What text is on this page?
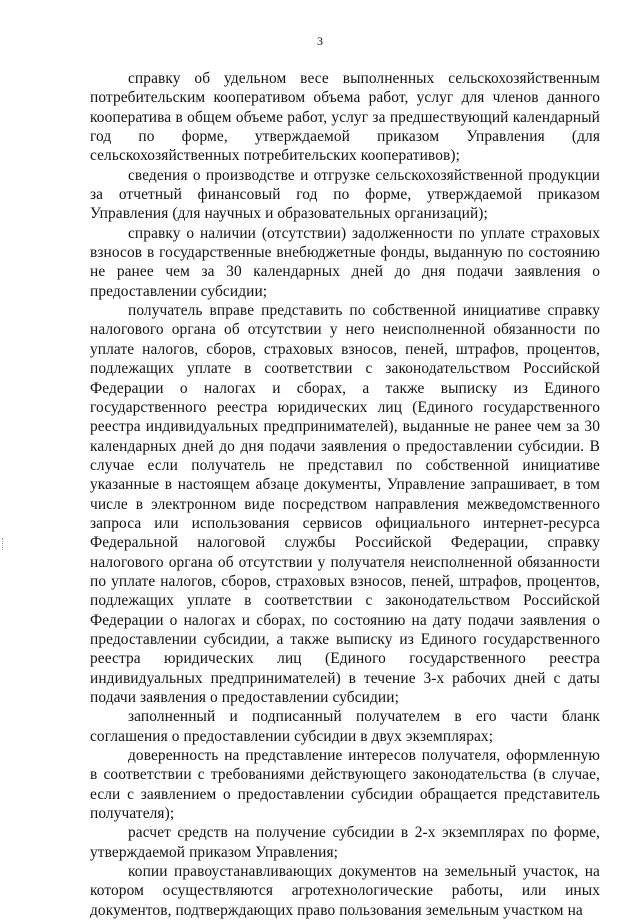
3

справку об удельном весе выполненных сельскохозяйственным потребительским кооперативом объема работ, услуг для членов данного кооператива в общем объеме работ, услуг за предшествующий календарный год по форме, утверждаемой приказом Управления (для сельскохозяйственных потребительских кооперативов);

сведения о производстве и отгрузке сельскохозяйственной продукции за отчетный финансовый год по форме, утверждаемой приказом Управления (для научных и образовательных организаций);

справку о наличии (отсутствии) задолженности по уплате страховых взносов в государственные внебюджетные фонды, выданную по состоянию не ранее чем за 30 календарных дней до дня подачи заявления о предоставлении субсидии;

получатель вправе представить по собственной инициативе справку налогового органа об отсутствии у него неисполненной обязанности по уплате налогов, сборов, страховых взносов, пеней, штрафов, процентов, подлежащих уплате в соответствии с законодательством Российской Федерации о налогах и сборах, а также выписку из Единого государственного реестра юридических лиц (Единого государственного реестра индивидуальных предпринимателей), выданные не ранее чем за 30 календарных дней до дня подачи заявления о предоставлении субсидии. В случае если получатель не представил по собственной инициативе указанные в настоящем абзаце документы, Управление запрашивает, в том числе в электронном виде посредством направления межведомственного запроса или использования сервисов официального интернет-ресурса Федеральной налоговой службы Российской Федерации, справку налогового органа об отсутствии у получателя неисполненной обязанности по уплате налогов, сборов, страховых взносов, пеней, штрафов, процентов, подлежащих уплате в соответствии с законодательством Российской Федерации о налогах и сборах, по состоянию на дату подачи заявления о предоставлении субсидии, а также выписку из Единого государственного реестра юридических лиц (Единого государственного реестра индивидуальных предпринимателей) в течение 3-х рабочих дней с даты подачи заявления о предоставлении субсидии;

заполненный и подписанный получателем в его части бланк соглашения о предоставлении субсидии в двух экземплярах;

доверенность на представление интересов получателя, оформленную в соответствии с требованиями действующего законодательства (в случае, если с заявлением о предоставлении субсидии обращается представитель получателя);

расчет средств на получение субсидии в 2-х экземплярах по форме, утверждаемой приказом Управления;

копии правоустанавливающих документов на земельный участок, на котором осуществляются агротехнологические работы, или иных документов, подтверждающих право пользования земельным участком на
